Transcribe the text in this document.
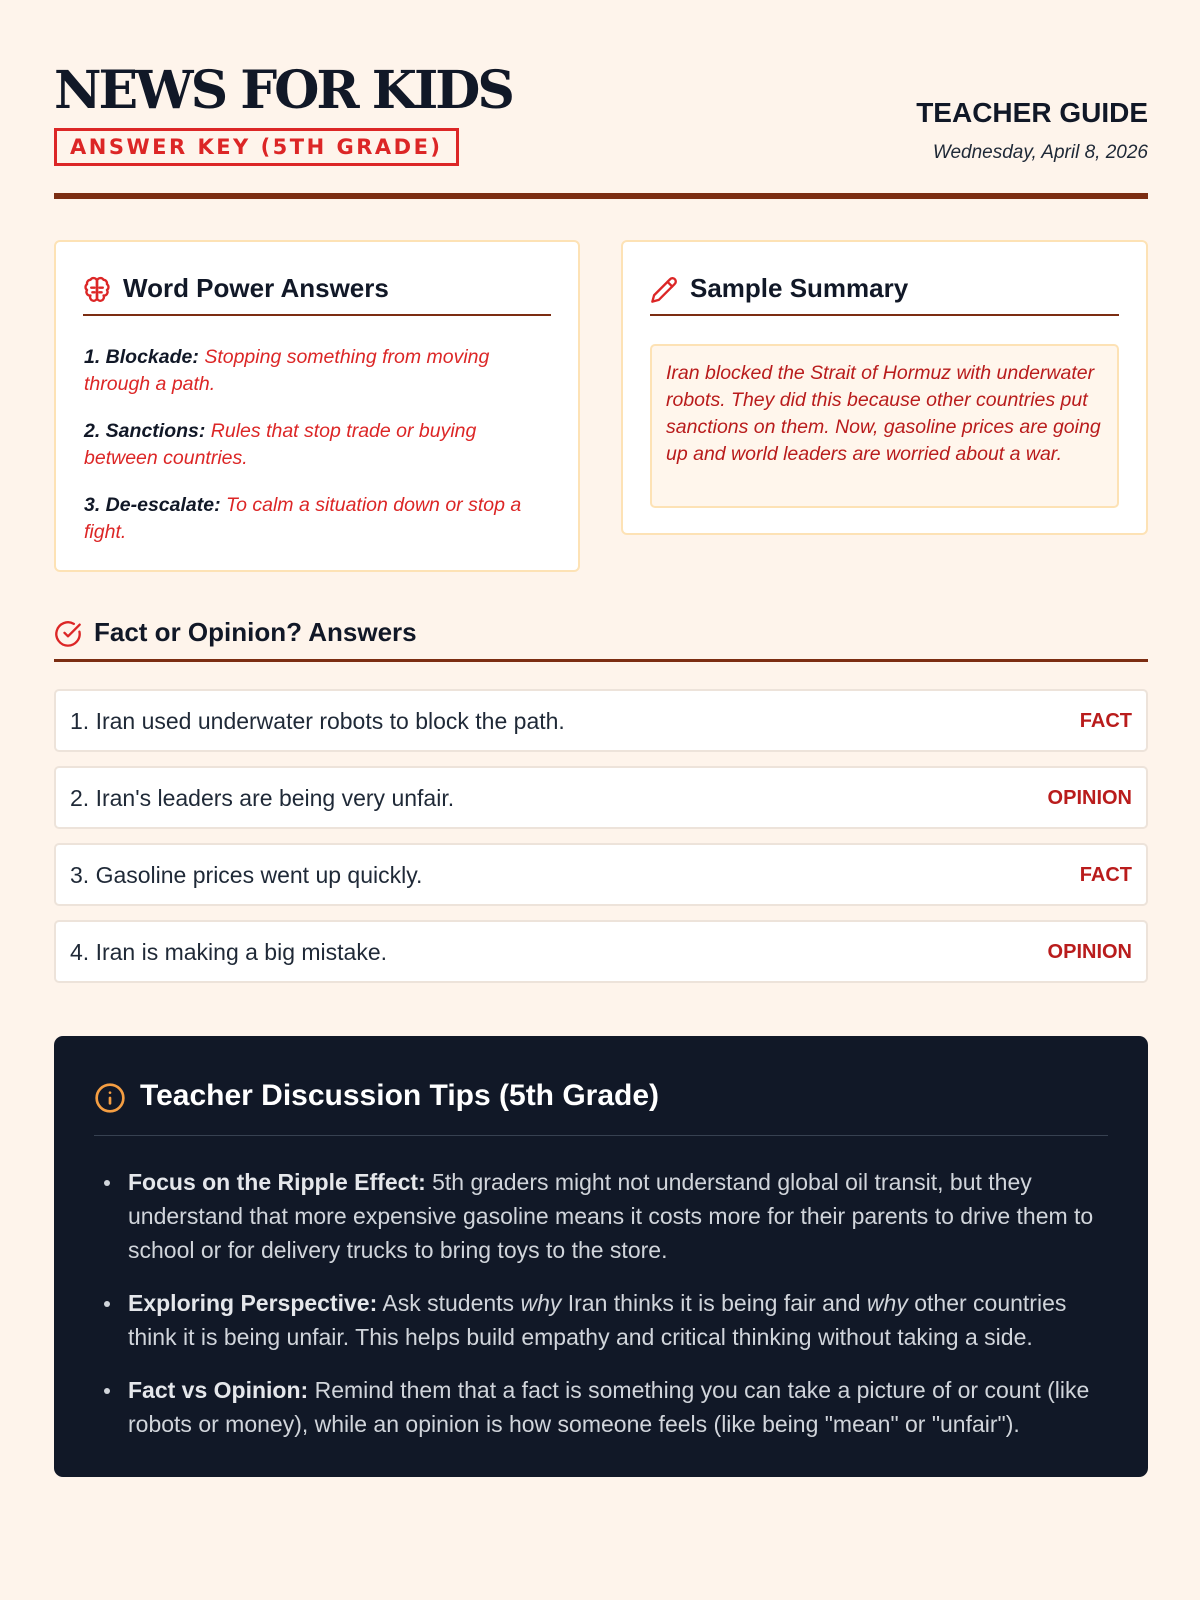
NEWS FOR KIDS
ANSWER KEY (5TH GRADE)
TEACHER GUIDE
Wednesday, April 8, 2026
Word Power Answers
1. Blockade: Stopping something from moving through a path.
2. Sanctions: Rules that stop trade or buying between countries.
3. De-escalate: To calm a situation down or stop a fight.
Sample Summary
Iran blocked the Strait of Hormuz with underwater robots. They did this because other countries put sanctions on them. Now, gasoline prices are going up and world leaders are worried about a war.
Fact or Opinion? Answers
1. Iran used underwater robots to block the path.	FACT
2. Iran's leaders are being very unfair.	OPINION
3. Gasoline prices went up quickly.	FACT
4. Iran is making a big mistake.	OPINION
Teacher Discussion Tips (5th Grade)
Focus on the Ripple Effect: 5th graders might not understand global oil transit, but they understand that more expensive gasoline means it costs more for their parents to drive them to school or for delivery trucks to bring toys to the store.
Exploring Perspective: Ask students why Iran thinks it is being fair and why other countries think it is being unfair. This helps build empathy and critical thinking without taking a side.
Fact vs Opinion: Remind them that a fact is something you can take a picture of or count (like robots or money), while an opinion is how someone feels (like being "mean" or "unfair").
